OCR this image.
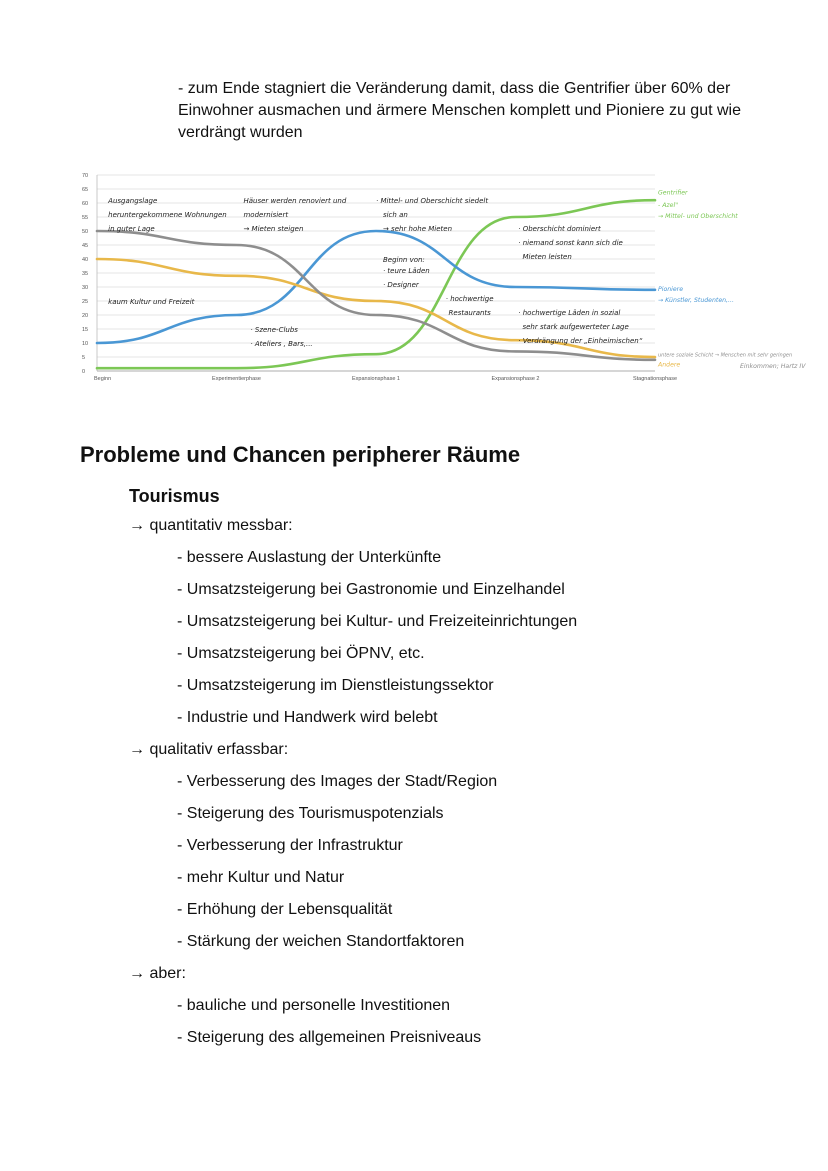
- zum Ende stagniert die Veränderung damit, dass die Gentrifier über 60% der Einwohner ausmachen und ärmere Menschen komplett und Pioniere zu gut wie verdrängt wurden

0
5
10
15
20
25
30
35
40
45
50
55
60
65
70
Beginn	Experimentierphase	Expansionsphase 1	Expansionsphase 2	Stagnationsphase
Ausgangslage
heruntergekommene Wohnungen
in guter Lage
kaum Kultur und Freizeit
Häuser werden renoviert und
modernisiert
→ Mieten steigen
· Szene-Clubs
· Ateliers , Bars,...
· Mittel- und Oberschicht siedelt
sich an
→ sehr hohe Mieten
Beginn von:
· teure Läden
· Designer
· hochwertige
Restaurants
· Oberschicht dominiert
· niemand sonst kann sich die
Mieten leisten
· hochwertige Läden in sozial
sehr stark aufgewerteter Lage
· Verdrängung der „Einheimischen“
Gentrifier
- Azel"
→ Mittel- und Oberschicht
Pioniere
→ Künstler, Studenten,...
untere soziale Schicht → Menschen mit sehr geringen
Andere	Einkommen; Hartz IV
Probleme und Chancen peripherer Räume
Tourismus
→ quantitativ messbar:
- bessere Auslastung der Unterkünfte
- Umsatzsteigerung bei Gastronomie und Einzelhandel
- Umsatzsteigerung bei Kultur- und Freizeiteinrichtungen
- Umsatzsteigerung bei ÖPNV, etc.
- Umsatzsteigerung im Dienstleistungssektor
- Industrie und Handwerk wird belebt
→ qualitativ erfassbar:
- Verbesserung des Images der Stadt/Region
- Steigerung des Tourismuspotenzials
- Verbesserung der Infrastruktur
- mehr Kultur und Natur
- Erhöhung der Lebensqualität
- Stärkung der weichen Standortfaktoren
→ aber:
- bauliche und personelle Investitionen
- Steigerung des allgemeinen Preisniveaus
